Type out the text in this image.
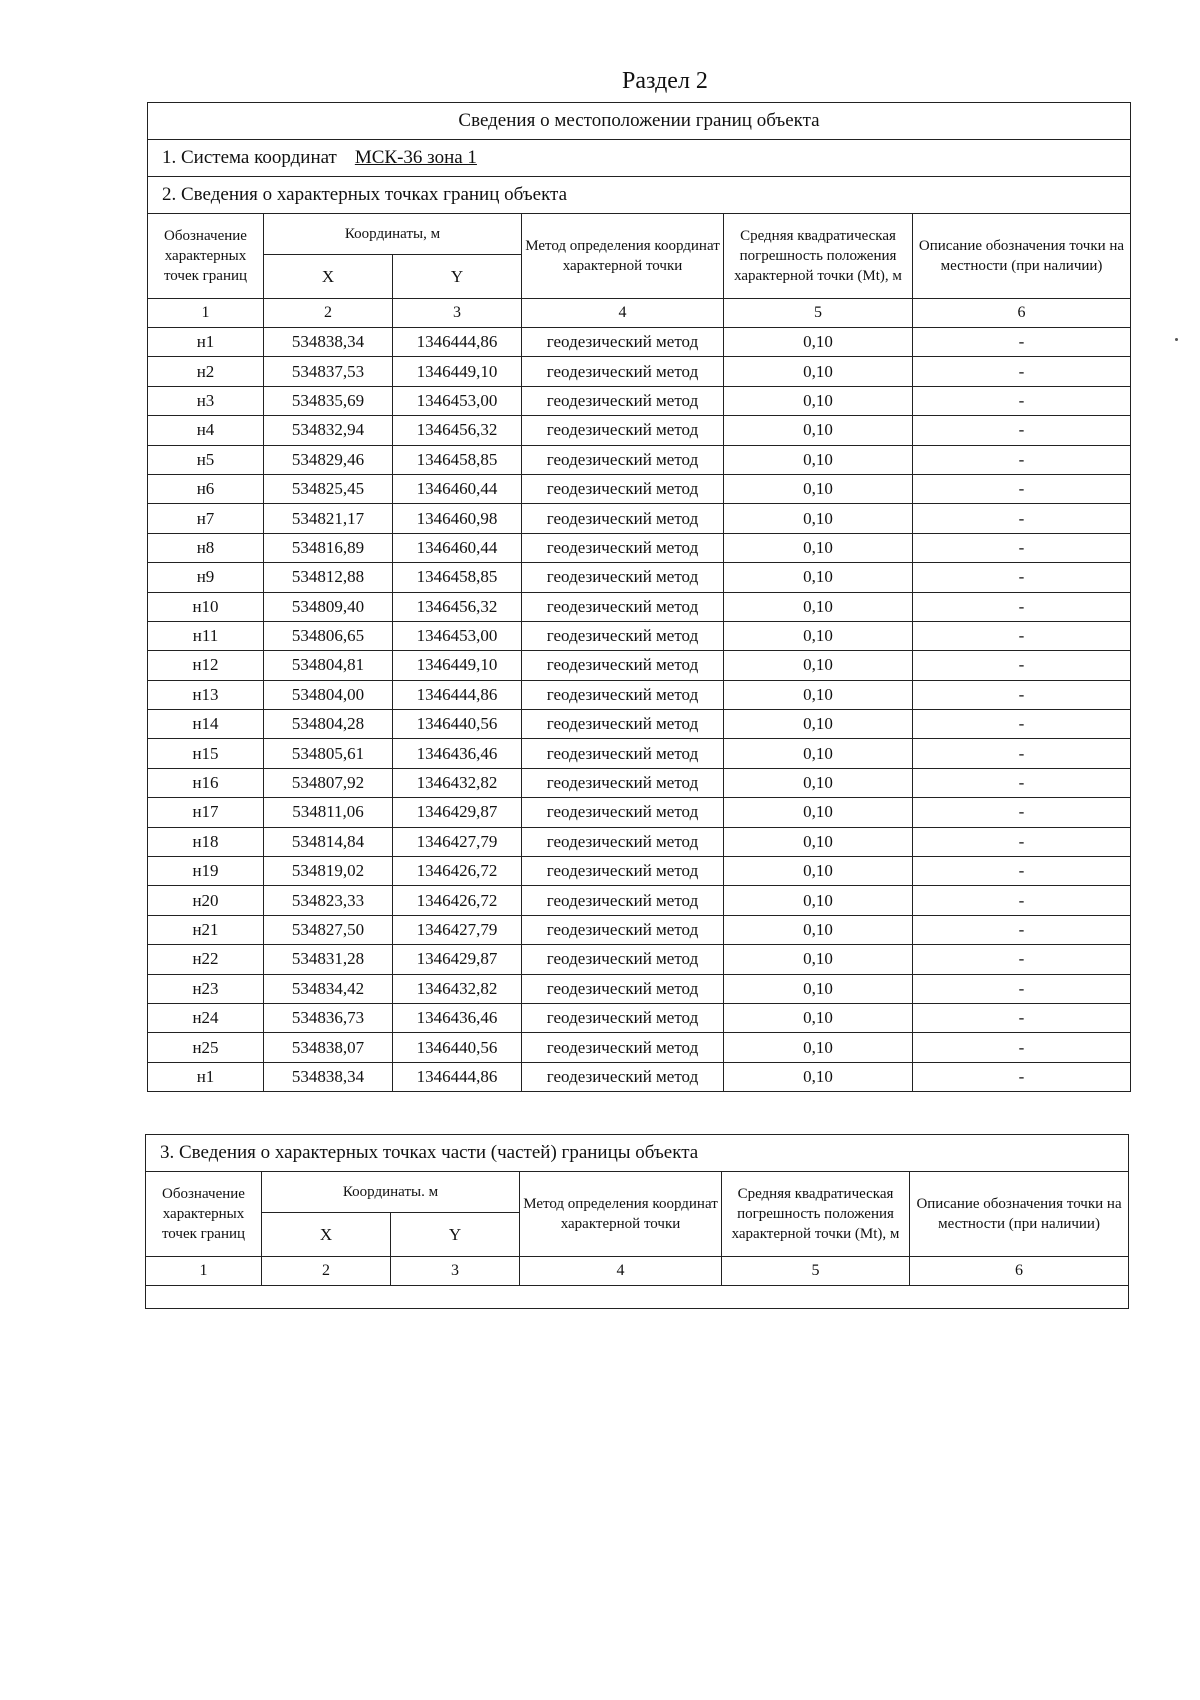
Раздел 2
Сведения о местоположении границ объекта					
1. Система координат МСК-36 зона 1					
2. Сведения о характерных точках границ объекта					
Обозначение характерных точек границ	Координаты, м		Метод определения координат характерной точки	Средняя квадратическая погрешность положения характерной точки (Mt), м	Описание обозначения точки на местности (при наличии)
	X	Y			
1	2	3	4	5	6
н1	534838,34	1346444,86	геодезический метод	0,10	-
н2	534837,53	1346449,10	геодезический метод	0,10	-
н3	534835,69	1346453,00	геодезический метод	0,10	-
н4	534832,94	1346456,32	геодезический метод	0,10	-
н5	534829,46	1346458,85	геодезический метод	0,10	-
н6	534825,45	1346460,44	геодезический метод	0,10	-
н7	534821,17	1346460,98	геодезический метод	0,10	-
н8	534816,89	1346460,44	геодезический метод	0,10	-
н9	534812,88	1346458,85	геодезический метод	0,10	-
н10	534809,40	1346456,32	геодезический метод	0,10	-
н11	534806,65	1346453,00	геодезический метод	0,10	-
н12	534804,81	1346449,10	геодезический метод	0,10	-
н13	534804,00	1346444,86	геодезический метод	0,10	-
н14	534804,28	1346440,56	геодезический метод	0,10	-
н15	534805,61	1346436,46	геодезический метод	0,10	-
н16	534807,92	1346432,82	геодезический метод	0,10	-
н17	534811,06	1346429,87	геодезический метод	0,10	-
н18	534814,84	1346427,79	геодезический метод	0,10	-
н19	534819,02	1346426,72	геодезический метод	0,10	-
н20	534823,33	1346426,72	геодезический метод	0,10	-
н21	534827,50	1346427,79	геодезический метод	0,10	-
н22	534831,28	1346429,87	геодезический метод	0,10	-
н23	534834,42	1346432,82	геодезический метод	0,10	-
н24	534836,73	1346436,46	геодезический метод	0,10	-
н25	534838,07	1346440,56	геодезический метод	0,10	-
н1	534838,34	1346444,86	геодезический метод	0,10	-
3. Сведения о характерных точках части (частей) границы объекта					
Обозначение характерных точек границ	Координаты. м		Метод определения координат характерной точки	Средняя квадратическая погрешность положения характерной точки (Mt), м	Описание обозначения точки на местности (при наличии)
	X	Y			
1	2	3	4	5	6
